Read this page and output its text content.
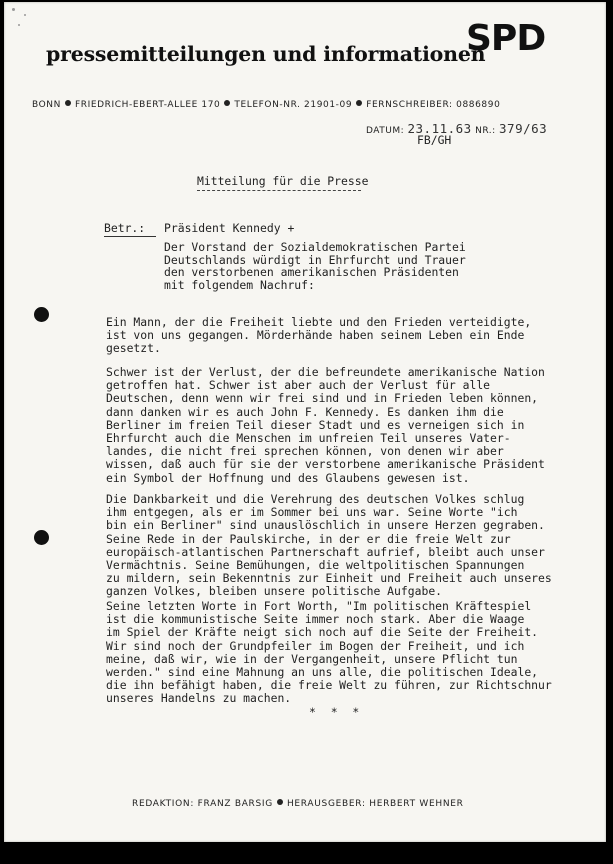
pressemitteilungen und informationen
SPD
BONN FRIEDRICH-EBERT-ALLEE 170 TELEFON-NR. 21901-09 FERNSCHREIBER: 0886890
DATUM: 23.11.63 NR.: 379/63
FB/GH
Mitteilung für die Presse
Betr.: Präsident Kennedy +
Der Vorstand der Sozialdemokratischen Partei
Deutschlands würdigt in Ehrfurcht und Trauer
den verstorbenen amerikanischen Präsidenten
mit folgendem Nachruf:
Ein Mann, der die Freiheit liebte und den Frieden verteidigte,
ist von uns gegangen. Mörderhände haben seinem Leben ein Ende
gesetzt.
Schwer ist der Verlust, der die befreundete amerikanische Nation
getroffen hat. Schwer ist aber auch der Verlust für alle
Deutschen, denn wenn wir frei sind und in Frieden leben können,
dann danken wir es auch John F. Kennedy. Es danken ihm die
Berliner im freien Teil dieser Stadt und es verneigen sich in
Ehrfurcht auch die Menschen im unfreien Teil unseres Vater-
landes, die nicht frei sprechen können, von denen wir aber
wissen, daß auch für sie der verstorbene amerikanische Präsident
ein Symbol der Hoffnung und des Glaubens gewesen ist.
Die Dankbarkeit und die Verehrung des deutschen Volkes schlug
ihm entgegen, als er im Sommer bei uns war. Seine Worte "ich
bin ein Berliner" sind unauslöschlich in unsere Herzen gegraben.
Seine Rede in der Paulskirche, in der er die freie Welt zur
europäisch-atlantischen Partnerschaft aufrief, bleibt auch unser
Vermächtnis. Seine Bemühungen, die weltpolitischen Spannungen
zu mildern, sein Bekenntnis zur Einheit und Freiheit auch unseres
ganzen Volkes, bleiben unsere politische Aufgabe.
Seine letzten Worte in Fort Worth, "Im politischen Kräftespiel
ist die kommunistische Seite immer noch stark. Aber die Waage
im Spiel der Kräfte neigt sich noch auf die Seite der Freiheit.
Wir sind noch der Grundpfeiler im Bogen der Freiheit, und ich
meine, daß wir, wie in der Vergangenheit, unsere Pflicht tun
werden." sind eine Mahnung an uns alle, die politischen Ideale,
die ihn befähigt haben, die freie Welt zu führen, zur Richtschnur
unseres Handelns zu machen.
* * *
REDAKTION: FRANZ BARSIG HERAUSGEBER: HERBERT WEHNER
